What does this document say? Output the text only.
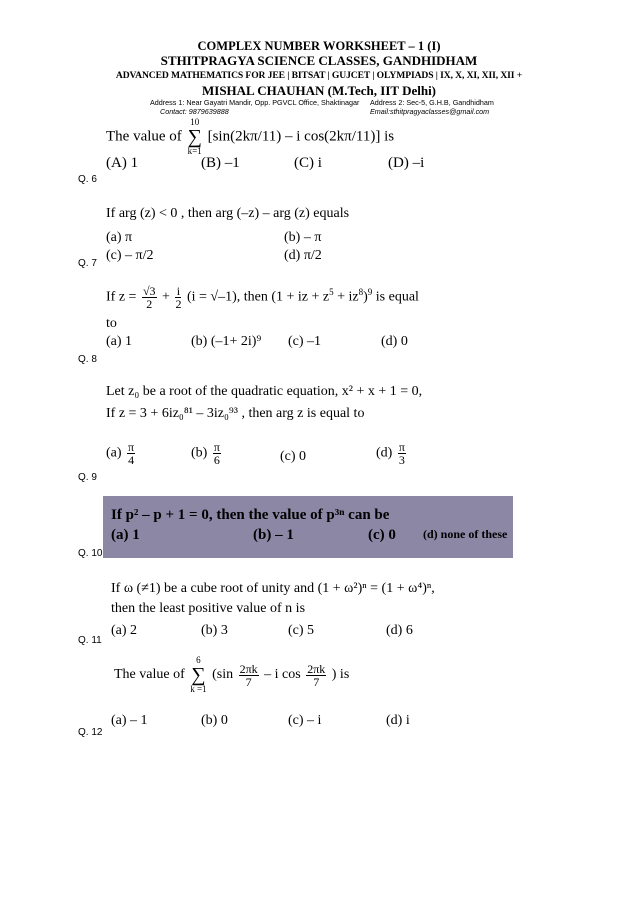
COMPLEX NUMBER WORKSHEET – 1 (I)
STHITPRAGYA SCIENCE CLASSES, GANDHIDHAM
ADVANCED MATHEMATICS FOR JEE | BITSAT | GUJCET | OLYMPIADS | IX, X, XI, XII, XII +
MISHAL CHAUHAN (M.Tech, IIT Delhi)
Address 1: Near Gayatri Mandir, Opp. PGVCL Office, Shaktinagar Address 2: Sec-5, G.H.B, Gandhidham
Contact: 9879639888	Email:sthitpragyaclasses@gmail.com
The value of
10
∑
k=1
[sin(2kπ/11) – i cos(2kπ/11)] is
(A) 1	(B) –1	(C) i	(D) –i
Q. 6
If arg (z) < 0 , then arg (–z) – arg (z) equals
(a) π	(b) – π
(c) – π/2	(d) π/2
Q. 7
If $z = \frac{√3}{2} + \frac{i}{2} (i = √-1)$, then (1 + iz + $z^5 + iz^8)^9$ is equal
to
(a) 1	(b) (–1+ 2i)⁹ (c) –1	(d) 0
Q. 8
Let z₀ be a root of the quadratic equation, x² + x + 1 = 0,
If z = 3 + 6iz₀⁸¹ – 3iz₀⁹³ , then arg z is equal to
$(a) \frac{\pi}{4}$	$(b) \frac{\pi}{6}$	(c) 0	$(d) \frac{\pi}{3}$
Q. 9
If p² – p + 1 = 0, then the value of p³ⁿ can be
(a) 1	(b) – 1	(c) 0 (d) none of these
Q. 10
If ω (≠1) be a cube root of unity and (1 + ω²)ⁿ = (1 + ω⁴)ⁿ,
then the least positive value of n is
(a) 2	(b) 3	(c) 5	(d) 6
Q. 11
The value of
6
∑
k =1
($\sin \frac{2\pi k}{7}$ – i $\cos \frac{2\pi k}{7}$ ) is
(a) – 1	(b) 0	(c) – i	(d) i
Q. 12
